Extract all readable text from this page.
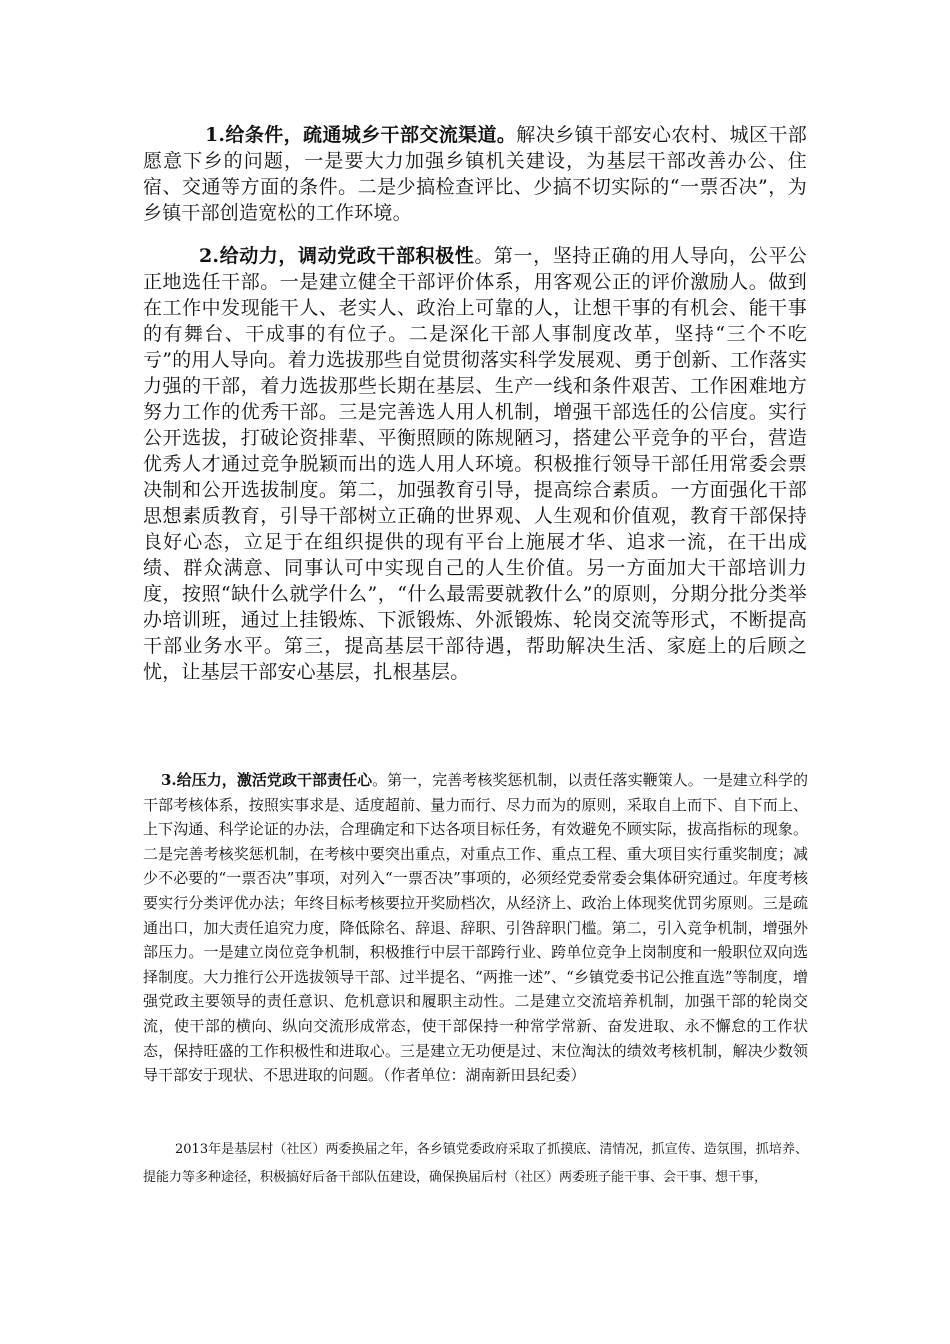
1.给条件，疏通城乡干部交流渠道。解决乡镇干部安心农村、城区干部愿意下乡的问题，一是要大力加强乡镇机关建设，为基层干部改善办公、住宿、交通等方面的条件。二是少搞检查评比、少搞不切实际的“一票否决”，为乡镇干部创造宽松的工作环境。

2.给动力，调动党政干部积极性。第一，坚持正确的用人导向，公平公正地选任干部。一是建立健全干部评价体系，用客观公正的评价激励人。做到在工作中发现能干人、老实人、政治上可靠的人，让想干事的有机会、能干事的有舞台、干成事的有位子。二是深化干部人事制度改革，坚持“三个不吃亏”的用人导向。着力选拔那些自觉贯彻落实科学发展观、勇于创新、工作落实力强的干部，着力选拔那些长期在基层、生产一线和条件艰苦、工作困难地方努力工作的优秀干部。三是完善选人用人机制，增强干部选任的公信度。实行公开选拔，打破论资排辈、平衡照顾的陈规陋习，搭建公平竞争的平台，营造优秀人才通过竞争脱颖而出的选人用人环境。积极推行领导干部任用常委会票决制和公开选拔制度。第二，加强教育引导，提高综合素质。一方面强化干部思想素质教育，引导干部树立正确的世界观、人生观和价值观，教育干部保持良好心态，立足于在组织提供的现有平台上施展才华、追求一流，在干出成绩、群众满意、同事认可中实现自己的人生价值。另一方面加大干部培训力度，按照“缺什么就学什么”，“什么最需要就教什么”的原则，分期分批分类举办培训班，通过上挂锻炼、下派锻炼、外派锻炼、轮岗交流等形式，不断提高干部业务水平。第三，提高基层干部待遇，帮助解决生活、家庭上的后顾之忧，让基层干部安心基层，扎根基层。

3.给压力，激活党政干部责任心。第一，完善考核奖惩机制，以责任落实鞭策人。一是建立科学的干部考核体系，按照实事求是、适度超前、量力而行、尽力而为的原则，采取自上而下、自下而上、上下沟通、科学论证的办法，合理确定和下达各项目标任务，有效避免不顾实际，拔高指标的现象。二是完善考核奖惩机制，在考核中要突出重点，对重点工作、重点工程、重大项目实行重奖制度；减少不必要的“一票否决”事项，对列入“一票否决”事项的，必须经党委常委会集体研究通过。年度考核要实行分类评优办法；年终目标考核要拉开奖励档次，从经济上、政治上体现奖优罚劣原则。三是疏通出口，加大责任追究力度，降低除名、辞退、辞职、引咎辞职门槛。第二，引入竞争机制，增强外部压力。一是建立岗位竞争机制，积极推行中层干部跨行业、跨单位竞争上岗制度和一般职位双向选择制度。大力推行公开选拔领导干部、过半提名、“两推一述”、“乡镇党委书记公推直选”等制度，增强党政主要领导的责任意识、危机意识和履职主动性。二是建立交流培养机制，加强干部的轮岗交流，使干部的横向、纵向交流形成常态，使干部保持一种常学常新、奋发进取、永不懈怠的工作状态，保持旺盛的工作积极性和进取心。三是建立无功便是过、末位淘汰的绩效考核机制，解决少数领导干部安于现状、不思进取的问题。（作者单位：湖南新田县纪委）

2013年是基层村（社区）两委换届之年，各乡镇党委政府采取了抓摸底、清情况，抓宣传、造氛围，抓培养、提能力等多种途径，积极搞好后备干部队伍建设，确保换届后村（社区）两委班子能干事、会干事、想干事，
